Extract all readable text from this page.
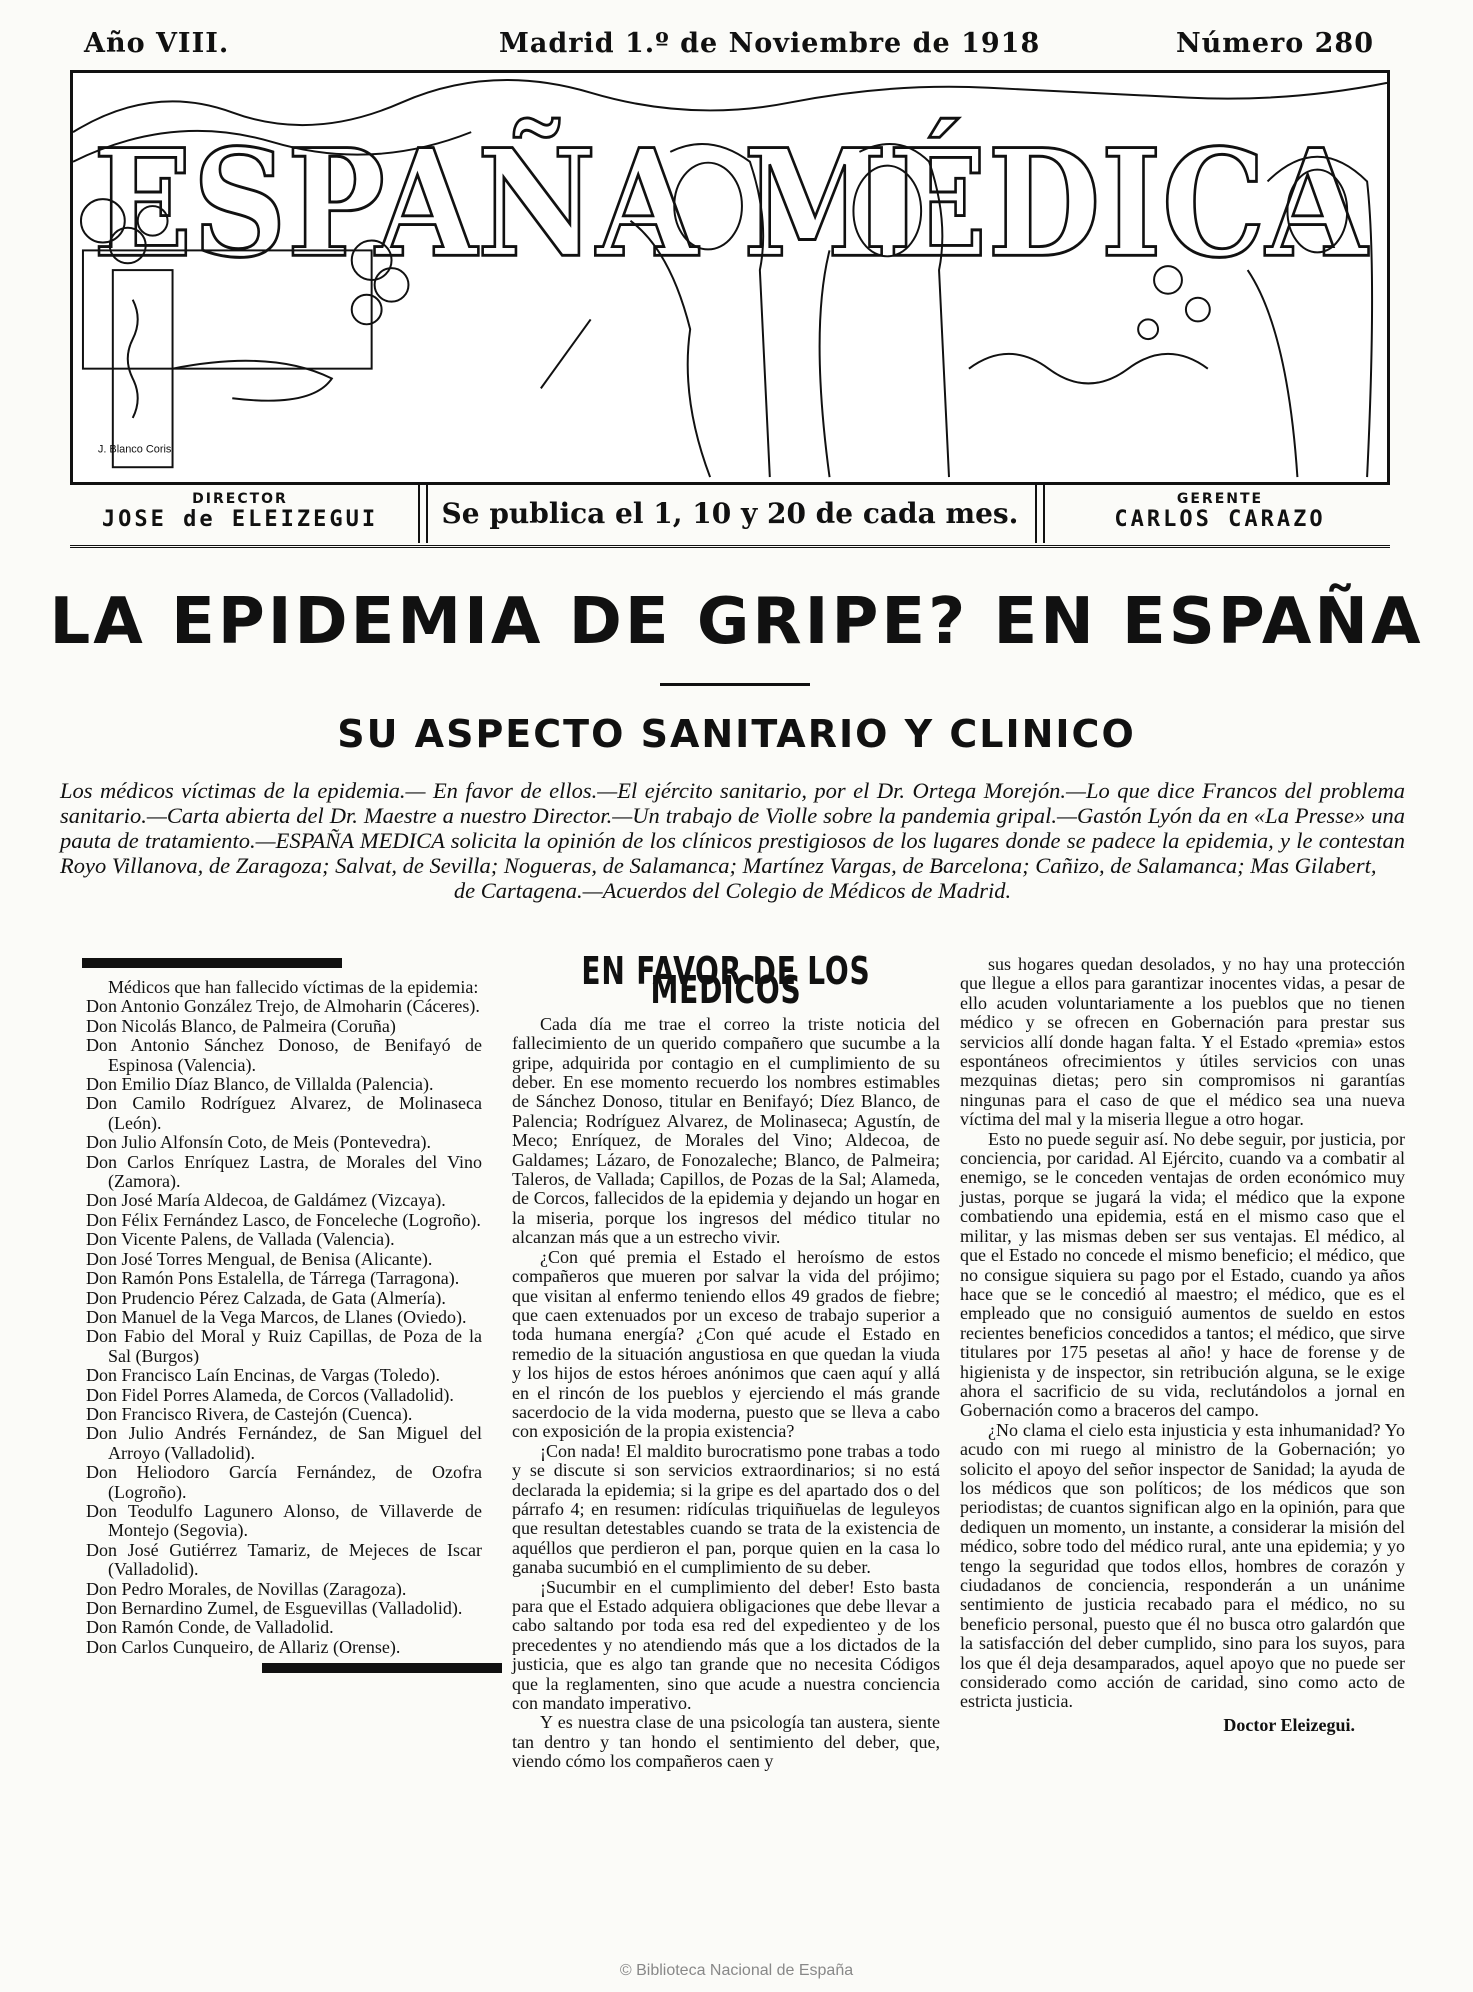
Año VIII.	Madrid 1.º de Noviembre de 1918	Número 280
ESPAÑA MÉDICA
J. Blanco Coris
DIRECTOR
JOSE de ELEIZEGUI	Se publica el 1, 10 y 20 de cada mes.	GERENTE
CARLOS CARAZO
LA EPIDEMIA DE GRIPE? EN ESPAÑA
SU ASPECTO SANITARIO Y CLINICO
Los médicos víctimas de la epidemia.— En favor de ellos.—El ejército sanitario, por el Dr. Ortega Morejón.—Lo que dice Francos del problema sanitario.—Carta abierta del Dr. Maestre a nuestro Director.—Un trabajo de Violle sobre la pandemia gripal.—Gastón Lyón da en «La Presse» una pauta de tratamiento.—ESPAÑA MEDICA solicita la opinión de los clínicos prestigiosos de los lugares donde se padece la epidemia, y le contestan Royo Villanova, de Zaragoza; Salvat, de Sevilla; Nogueras, de Salamanca; Martínez Vargas, de Barcelona; Cañizo, de Salamanca; Mas Gilabert,
de Cartagena.—Acuerdos del Colegio de Médicos de Madrid.
Médicos que han fallecido víctimas de la epidemia:
Don Antonio González Trejo, de Almoharin (Cáceres).
Don Nicolás Blanco, de Palmeira (Coruña)
Don Antonio Sánchez Donoso, de Benifayó de Espinosa (Valencia).
Don Emilio Díaz Blanco, de Villalda (Palencia).
Don Camilo Rodríguez Alvarez, de Molinaseca (León).
Don Julio Alfonsín Coto, de Meis (Pontevedra).
Don Carlos Enríquez Lastra, de Morales del Vino (Zamora).
Don José María Aldecoa, de Galdámez (Vizcaya).
Don Félix Fernández Lasco, de Fonceleche (Logroño).
Don Vicente Palens, de Vallada (Valencia).
Don José Torres Mengual, de Benisa (Alicante).
Don Ramón Pons Estalella, de Tárrega (Tarragona).
Don Prudencio Pérez Calzada, de Gata (Almería).
Don Manuel de la Vega Marcos, de Llanes (Oviedo).
Don Fabio del Moral y Ruiz Capillas, de Poza de la Sal (Burgos)
Don Francisco Laín Encinas, de Vargas (Toledo).
Don Fidel Porres Alameda, de Corcos (Valladolid).
Don Francisco Rivera, de Castejón (Cuenca).
Don Julio Andrés Fernández, de San Miguel del Arroyo (Valladolid).
Don Heliodoro García Fernández, de Ozofra (Logroño).
Don Teodulfo Lagunero Alonso, de Villaverde de Montejo (Segovia).
Don José Gutiérrez Tamariz, de Mejeces de Iscar (Valladolid).
Don Pedro Morales, de Novillas (Zaragoza).
Don Bernardino Zumel, de Esguevillas (Valladolid).
Don Ramón Conde, de Valladolid.
Don Carlos Cunqueiro, de Allariz (Orense).
EN FAVOR DE LOS MEDICOS

Cada día me trae el correo la triste noticia del fallecimiento de un querido compañero que sucumbe a la gripe, adquirida por contagio en el cumplimiento de su deber. En ese momento recuerdo los nombres estimables de Sánchez Donoso, titular en Benifayó; Díez Blanco, de Palencia; Rodríguez Alvarez, de Molinaseca; Agustín, de Meco; Enríquez, de Morales del Vino; Aldecoa, de Galdames; Lázaro, de Fonozaleche; Blanco, de Palmeira; Taleros, de Vallada; Capillos, de Pozas de la Sal; Alameda, de Corcos, fallecidos de la epidemia y dejando un hogar en la miseria, porque los ingresos del médico titular no alcanzan más que a un estrecho vivir.

¿Con qué premia el Estado el heroísmo de estos compañeros que mueren por salvar la vida del prójimo; que visitan al enfermo teniendo ellos 49 grados de fiebre; que caen extenuados por un exceso de trabajo superior a toda humana energía? ¿Con qué acude el Estado en remedio de la situación angustiosa en que quedan la viuda y los hijos de estos héroes anónimos que caen aquí y allá en el rincón de los pueblos y ejerciendo el más grande sacerdocio de la vida moderna, puesto que se lleva a cabo con exposición de la propia existencia?

¡Con nada! El maldito burocratismo pone trabas a todo y se discute si son servicios extraordinarios; si no está declarada la epidemia; si la gripe es del apartado dos o del párrafo 4; en resumen: ridículas triquiñuelas de leguleyos que resultan detestables cuando se trata de la existencia de aquéllos que perdieron el pan, porque quien en la casa lo ganaba sucumbió en el cumplimiento de su deber.

¡Sucumbir en el cumplimiento del deber! Esto basta para que el Estado adquiera obligaciones que debe llevar a cabo saltando por toda esa red del expedienteo y de los precedentes y no atendiendo más que a los dictados de la justicia, que es algo tan grande que no necesita Códigos que la reglamenten, sino que acude a nuestra conciencia con mandato imperativo.

Y es nuestra clase de una psicología tan austera, siente tan dentro y tan hondo el sentimiento del deber, que, viendo cómo los compañeros caen y

sus hogares quedan desolados, y no hay una protección que llegue a ellos para garantizar inocentes vidas, a pesar de ello acuden voluntariamente a los pueblos que no tienen médico y se ofrecen en Gobernación para prestar sus servicios allí donde hagan falta. Y el Estado «premia» estos espontáneos ofrecimientos y útiles servicios con unas mezquinas dietas; pero sin compromisos ni garantías ningunas para el caso de que el médico sea una nueva víctima del mal y la miseria llegue a otro hogar.

Esto no puede seguir así. No debe seguir, por justicia, por conciencia, por caridad. Al Ejército, cuando va a combatir al enemigo, se le conceden ventajas de orden económico muy justas, porque se jugará la vida; el médico que la expone combatiendo una epidemia, está en el mismo caso que el militar, y las mismas deben ser sus ventajas. El médico, al que el Estado no concede el mismo beneficio; el médico, que no consigue siquiera su pago por el Estado, cuando ya años hace que se le concedió al maestro; el médico, que es el empleado que no consiguió aumentos de sueldo en estos recientes beneficios concedidos a tantos; el médico, que sirve titulares por 175 pesetas al año! y hace de forense y de higienista y de inspector, sin retribución alguna, se le exige ahora el sacrificio de su vida, reclutándolos a jornal en Gobernación como a braceros del campo.

¿No clama el cielo esta injusticia y esta inhumanidad? Yo acudo con mi ruego al ministro de la Gobernación; yo solicito el apoyo del señor inspector de Sanidad; la ayuda de los médicos que son políticos; de los médicos que son periodistas; de cuantos significan algo en la opinión, para que dediquen un momento, un instante, a considerar la misión del médico, sobre todo del médico rural, ante una epidemia; y yo tengo la seguridad que todos ellos, hombres de corazón y ciudadanos de conciencia, responderán a un unánime sentimiento de justicia recabado para el médico, no su beneficio personal, puesto que él no busca otro galardón que la satisfacción del deber cumplido, sino para los suyos, para los que él deja desamparados, aquel apoyo que no puede ser considerado como acción de caridad, sino como acto de estricta justicia.

Doctor Eleizegui.
© Biblioteca Nacional de España
